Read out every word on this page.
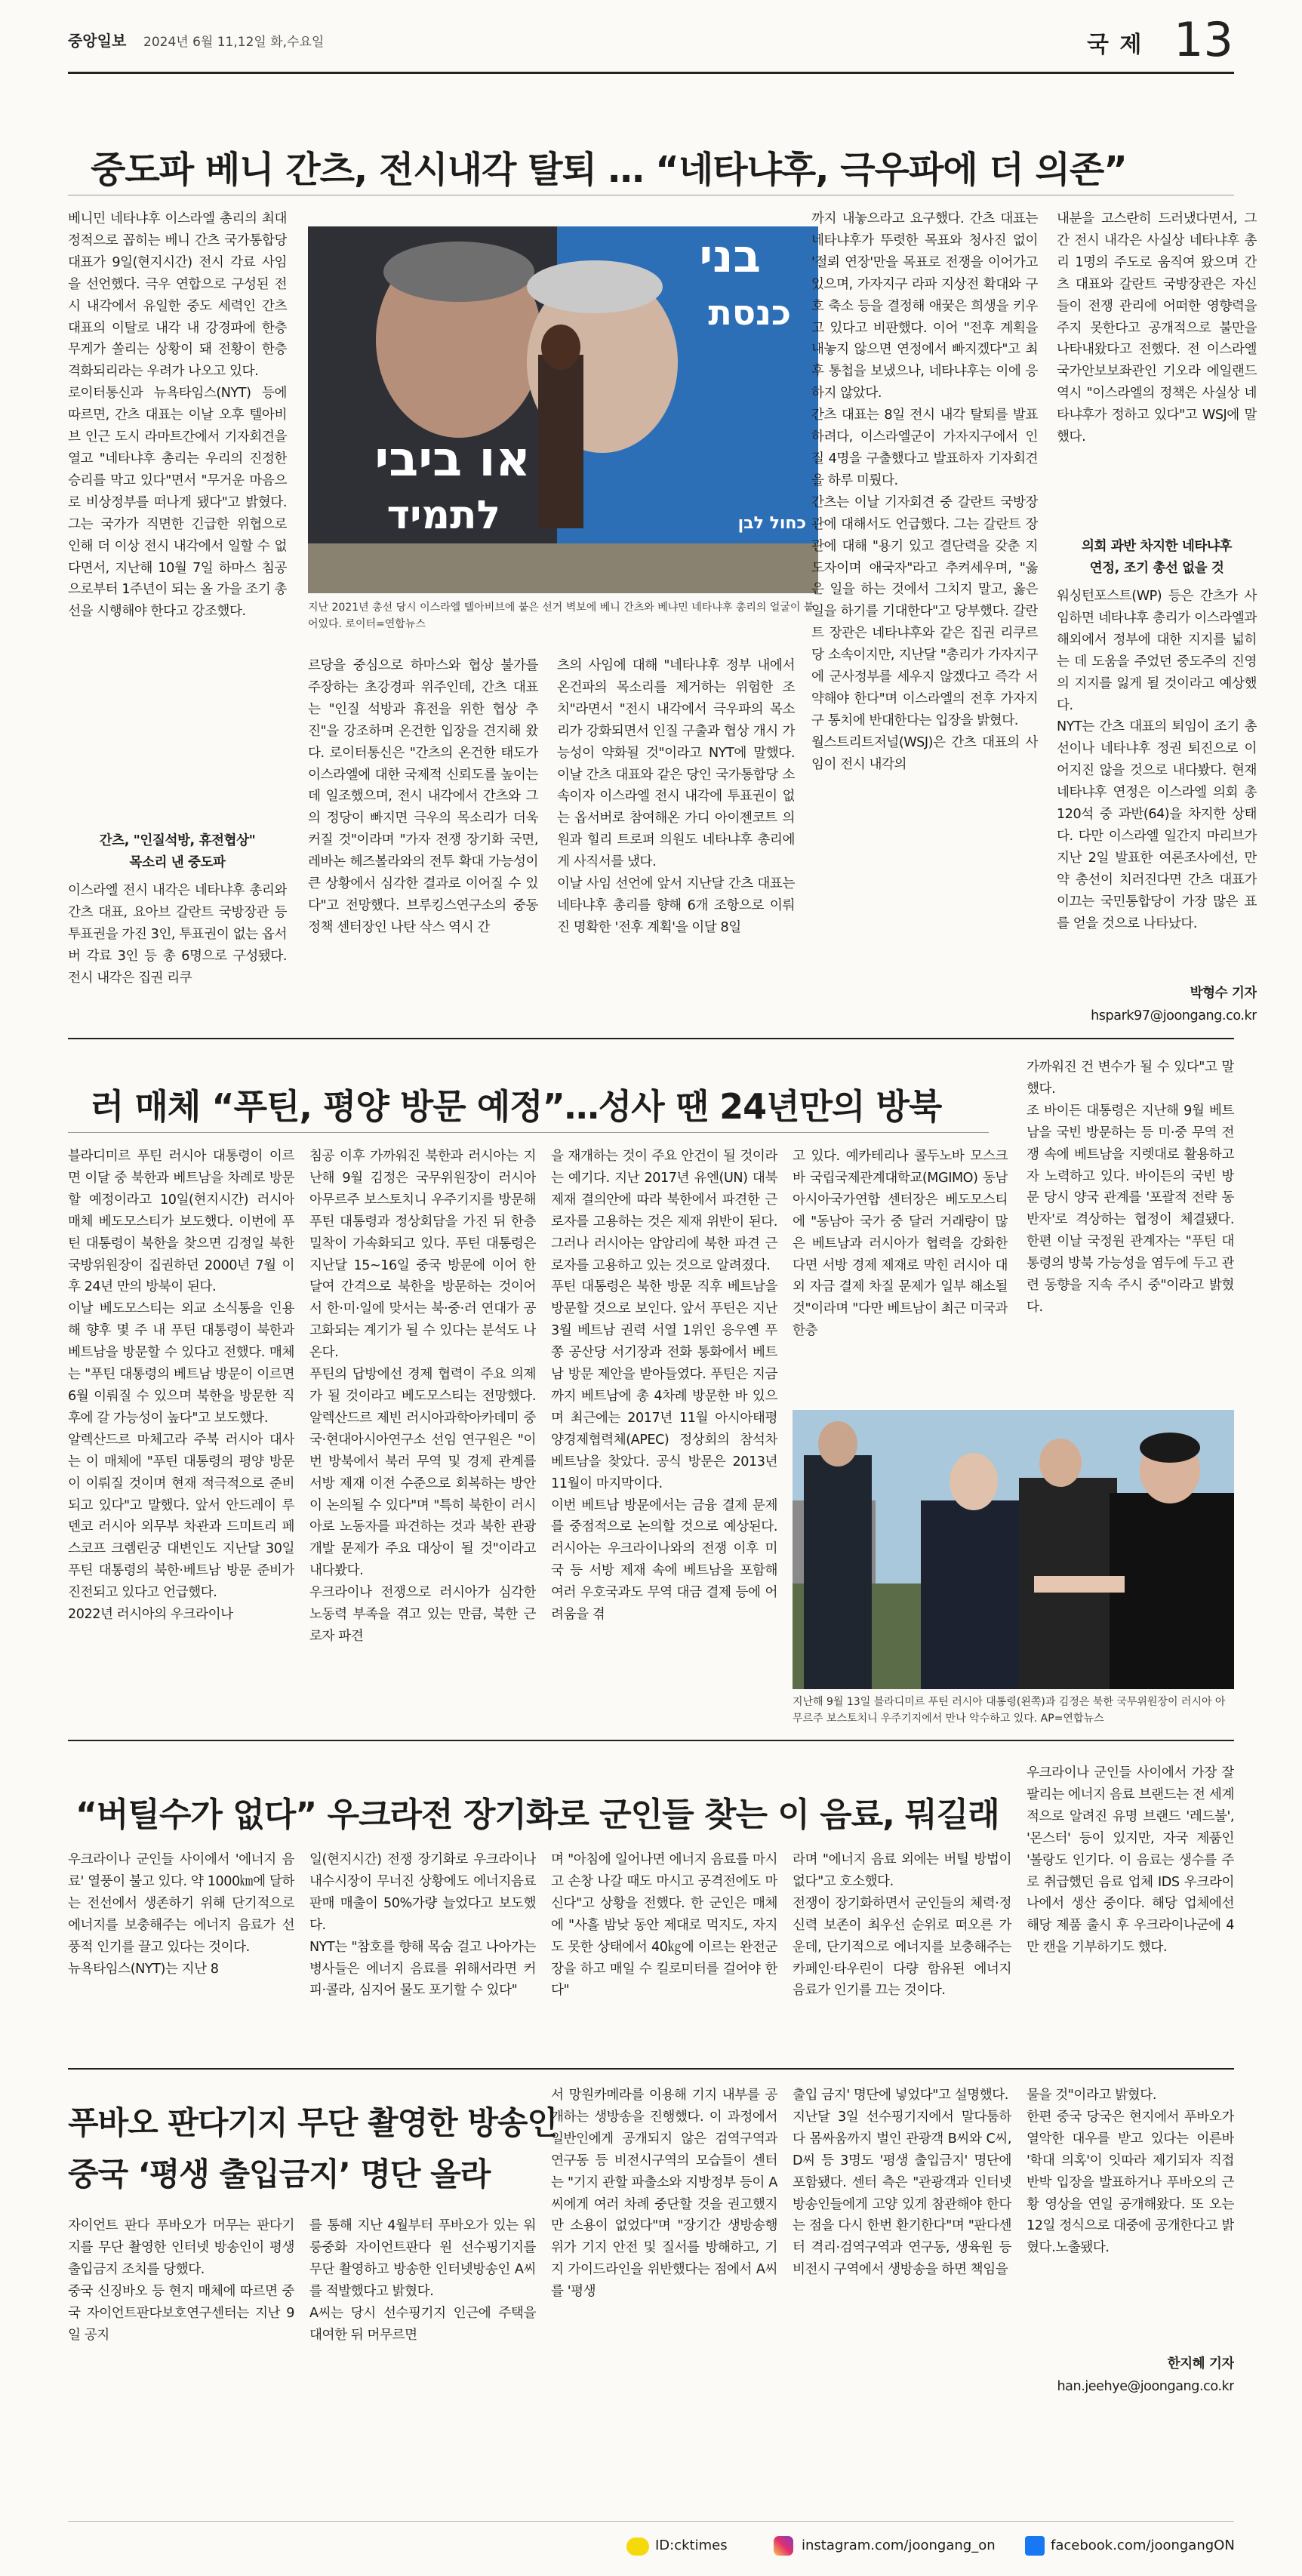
중앙일보 2024년 6월 11,12일 화,수요일	국 제 13
중도파 베니 간츠, 전시내각 탈퇴 … “네타냐후, 극우파에 더 의존”
베니민 네타냐후 이스라엘 총리의 최대 정적으로 꼽히는 베니 간츠 국가통합당 대표가 9일(현지시간) 전시 각료 사임을 선언했다. 극우 연합으로 구성된 전시 내각에서 유일한 중도 세력인 간츠 대표의 이탈로 내각 내 강경파에 한층 무게가 쏠리는 상황이 돼 전황이 한층 격화되리라는 우려가 나오고 있다.
로이터통신과 뉴욕타임스(NYT) 등에 따르면, 간츠 대표는 이날 오후 텔아비브 인근 도시 라마트간에서 기자회견을 열고 "네타냐후 총리는 우리의 진정한 승리를 막고 있다"면서 "무거운 마음으로 비상정부를 떠나게 됐다"고 밝혔다. 그는 국가가 직면한 긴급한 위협으로 인해 더 이상 전시 내각에서 일할 수 없다면서, 지난해 10월 7일 하마스 침공으로부터 1주년이 되는 올 가을 조기 총선을 시행해야 한다고 강조했다.
간츠, "인질석방, 휴전협상"
목소리 낸 중도파
이스라엘 전시 내각은 네타냐후 총리와 간츠 대표, 요아브 갈란트 국방장관 등 투표권을 가진 3인, 투표권이 없는 옵서버 각료 3인 등 총 6명으로 구성됐다. 전시 내각은 집권 리쿠
בני
כנסת
או ביבי
לתמיד	כחול לבן
지난 2021년 총선 당시 이스라엘 텔아비브에 붙은 선거 벽보에 베니 간츠와 베냐민 네타냐후 총리의 얼굴이 붙어있다. 로이터=연합뉴스
르당을 중심으로 하마스와 협상 불가를 주장하는 초강경파 위주인데, 간츠 대표는 "인질 석방과 휴전을 위한 협상 추진"을 강조하며 온건한 입장을 견지해 왔다. 로이터통신은 "간츠의 온건한 태도가 이스라엘에 대한 국제적 신뢰도를 높이는 데 일조했으며, 전시 내각에서 간츠와 그의 정당이 빠지면 극우의 목소리가 더욱 커질 것"이라며 "가자 전쟁 장기화 국면, 레바논 헤즈볼라와의 전투 확대 가능성이 큰 상황에서 심각한 결과로 이어질 수 있다"고 전망했다. 브루킹스연구소의 중동 정책 센터장인 나탄 삭스 역시 간
츠의 사임에 대해 "네타냐후 정부 내에서 온건파의 목소리를 제거하는 위험한 조치"라면서 "전시 내각에서 극우파의 목소리가 강화되면서 인질 구출과 협상 개시 가능성이 약화될 것"이라고 NYT에 말했다. 이날 간츠 대표와 같은 당인 국가통합당 소속이자 이스라엘 전시 내각에 투표권이 없는 옵서버로 참여해온 가디 아이젠코트 의원과 힐리 트로퍼 의원도 네타냐후 총리에게 사직서를 냈다.
이날 사임 선언에 앞서 지난달 간츠 대표는 네타냐후 총리를 향해 6개 조항으로 이뤄진 명확한 '전후 계획'을 이달 8일
까지 내놓으라고 요구했다. 간츠 대표는 네타냐후가 뚜렷한 목표와 청사진 없이 '절뢰 연장'만을 목표로 전쟁을 이어가고 있으며, 가자지구 라파 지상전 확대와 구호 축소 등을 결정해 애꿎은 희생을 키우고 있다고 비판했다. 이어 "전후 계획을 내놓지 않으면 연정에서 빠지겠다"고 최후 통첩을 보냈으나, 네타냐후는 이에 응하지 않았다.
간츠 대표는 8일 전시 내각 탈퇴를 발표하려다, 이스라엘군이 가자지구에서 인질 4명을 구출했다고 발표하자 기자회견을 하루 미뤘다.
간츠는 이날 기자회견 중 갈란트 국방장관에 대해서도 언급했다. 그는 갈란트 장관에 대해 "용기 있고 결단력을 갖춘 지도자이며 애국자"라고 추켜세우며, "옳은 일을 하는 것에서 그치지 말고, 옳은 일을 하기를 기대한다"고 당부했다. 갈란트 장관은 네타냐후와 같은 집권 리쿠르당 소속이지만, 지난달 "총리가 가자지구에 군사정부를 세우지 않겠다고 즉각 서약해야 한다"며 이스라엘의 전후 가자지구 통치에 반대한다는 입장을 밝혔다.
월스트리트저널(WSJ)은 간츠 대표의 사임이 전시 내각의
내분을 고스란히 드러냈다면서, 그간 전시 내각은 사실상 네타냐후 총리 1명의 주도로 움직여 왔으며 간츠 대표와 갈란트 국방장관은 자신들이 전쟁 관리에 어떠한 영향력을 주지 못한다고 공개적으로 불만을 나타내왔다고 전했다. 전 이스라엘 국가안보보좌관인 기오라 에일랜드 역시 "이스라엘의 정책은 사실상 네타냐후가 정하고 있다"고 WSJ에 말했다.
의회 과반 차지한 네타냐후
연정, 조기 총선 없을 것
워싱턴포스트(WP) 등은 간츠가 사임하면 네타냐후 총리가 이스라엘과 해외에서 정부에 대한 지지를 넓히는 데 도움을 주었던 중도주의 진영의 지지를 잃게 될 것이라고 예상했다.
NYT는 간츠 대표의 퇴임이 조기 총선이나 네타냐후 정권 퇴진으로 이어지진 않을 것으로 내다봤다. 현재 네타냐후 연정은 이스라엘 의회 총 120석 중 과반(64)을 차지한 상태다. 다만 이스라엘 일간지 마리브가 지난 2일 발표한 여론조사에선, 만약 총선이 치러진다면 간츠 대표가 이끄는 국민통합당이 가장 많은 표를 얻을 것으로 나타났다.
박형수 기자
hspark97@joongang.co.kr
러 매체 “푸틴, 평양 방문 예정”…성사 땐 24년만의 방북
블라디미르 푸틴 러시아 대통령이 이르면 이달 중 북한과 베트남을 차례로 방문할 예정이라고 10일(현지시간) 러시아 매체 베도모스티가 보도했다. 이번에 푸틴 대통령이 북한을 찾으면 김정일 북한 국방위원장이 집권하던 2000년 7월 이후 24년 만의 방북이 된다.
이날 베도모스티는 외교 소식통을 인용해 향후 몇 주 내 푸틴 대통령이 북한과 베트남을 방문할 수 있다고 전했다. 매체는 "푸틴 대통령의 베트남 방문이 이르면 6월 이뤄질 수 있으며 북한을 방문한 직후에 갈 가능성이 높다"고 보도했다.
알렉산드르 마체고라 주북 러시아 대사는 이 매체에 "푸틴 대통령의 평양 방문이 이뤄질 것이며 현재 적극적으로 준비되고 있다"고 말했다. 앞서 안드레이 루덴코 러시아 외무부 차관과 드미트리 페스코프 크렘린궁 대변인도 지난달 30일 푸틴 대통령의 북한·베트남 방문 준비가 진전되고 있다고 언급했다.
2022년 러시아의 우크라이나
침공 이후 가까워진 북한과 러시아는 지난해 9월 김정은 국무위원장이 러시아 아무르주 보스토치니 우주기지를 방문해 푸틴 대통령과 정상회담을 가진 뒤 한층 밀착이 가속화되고 있다. 푸틴 대통령은 지난달 15~16일 중국 방문에 이어 한 달여 간격으로 북한을 방문하는 것이어서 한·미·일에 맞서는 북·중·러 연대가 공고화되는 계기가 될 수 있다는 분석도 나온다.
푸틴의 답방에선 경제 협력이 주요 의제가 될 것이라고 베도모스티는 전망했다. 알렉산드르 제빈 러시아과학아카데미 중국·현대아시아연구소 선임 연구원은 "이번 방북에서 북러 무역 및 경제 관계를 서방 제재 이전 수준으로 회복하는 방안이 논의될 수 있다"며 "특히 북한이 러시아로 노동자를 파견하는 것과 북한 관광 개발 문제가 주요 대상이 될 것"이라고 내다봤다.
우크라이나 전쟁으로 러시아가 심각한 노동력 부족을 겪고 있는 만큼, 북한 근로자 파견
을 재개하는 것이 주요 안건이 될 것이라는 예기다. 지난 2017년 유엔(UN) 대북 제재 결의안에 따라 북한에서 파견한 근로자를 고용하는 것은 제재 위반이 된다. 그러나 러시아는 암암리에 북한 파견 근로자를 고용하고 있는 것으로 알려졌다.
푸틴 대통령은 북한 방문 직후 베트남을 방문할 것으로 보인다. 앞서 푸틴은 지난 3월 베트남 권력 서열 1위인 응우옌 푸 쫑 공산당 서기장과 전화 통화에서 베트남 방문 제안을 받아들였다. 푸틴은 지금까지 베트남에 총 4차례 방문한 바 있으며 최근에는 2017년 11월 아시아태평양경제협력체(APEC) 정상회의 참석차 베트남을 찾았다. 공식 방문은 2013년 11월이 마지막이다.
이번 베트남 방문에서는 금융 결제 문제를 중점적으로 논의할 것으로 예상된다. 러시아는 우크라이나와의 전쟁 이후 미국 등 서방 제재 속에 베트남을 포함해 여러 우호국과도 무역 대금 결제 등에 어려움을 겪
고 있다. 예카테리나 콜두노바 모스크바 국립국제관계대학교(MGIMO) 동남아시아국가연합 센터장은 베도모스티에 "동남아 국가 중 달러 거래량이 많은 베트남과 러시아가 협력을 강화한다면 서방 경제 제재로 막힌 러시아 대외 자금 결제 차질 문제가 일부 해소될 것"이라며 "다만 베트남이 최근 미국과 한층
가까워진 건 변수가 될 수 있다"고 말했다.
조 바이든 대통령은 지난해 9월 베트남을 국빈 방문하는 등 미·중 무역 전쟁 속에 베트남을 지렛대로 활용하고자 노력하고 있다. 바이든의 국빈 방문 당시 양국 관계를 '포괄적 전략 동반자'로 격상하는 협정이 체결됐다. 한편 이날 국정원 관계자는 "푸틴 대통령의 방북 가능성을 염두에 두고 관련 동향을 지속 주시 중"이라고 밝혔다.
지난해 9월 13일 블라디미르 푸틴 러시아 대통령(왼쪽)과 김정은 북한 국무위원장이 러시아 아무르주 보스토치니 우주기지에서 만나 악수하고 있다. AP=연합뉴스
“버틸수가 없다” 우크라전 장기화로 군인들 찾는 이 음료, 뭐길래
우크라이나 군인들 사이에서 '에너지 음료' 열풍이 불고 있다. 약 1000㎞에 달하는 전선에서 생존하기 위해 단기적으로 에너지를 보충해주는 에너지 음료가 선풍적 인기를 끌고 있다는 것이다.
뉴욕타임스(NYT)는 지난 8
일(현지시간) 전쟁 장기화로 우크라이나 내수시장이 무너진 상황에도 에너지음료 판매 매출이 50%가량 늘었다고 보도했다.
NYT는 "참호를 향해 목숨 걸고 나아가는 병사들은 에너지 음료를 위해서라면 커피·콜라, 심지어 물도 포기할 수 있다"
며 "아침에 일어나면 에너지 음료를 마시고 손창 나갈 때도 마시고 공격전에도 마신다"고 상황을 전했다. 한 군인은 매체에 "사흘 밤낮 동안 제대로 먹지도, 자지도 못한 상태에서 40㎏에 이르는 완전군장을 하고 매일 수 킬로미터를 걸어야 한다"
라며 "에너지 음료 외에는 버틸 방법이 없다"고 호소했다.
전쟁이 장기화하면서 군인들의 체력·정신력 보존이 최우선 순위로 떠오른 가운데, 단기적으로 에너지를 보충해주는 카페인·타우린이 다량 함유된 에너지 음료가 인기를 끄는 것이다.
우크라이나 군인들 사이에서 가장 잘 팔리는 에너지 음료 브랜드는 전 세계적으로 알려진 유명 브랜드 '레드불', '몬스터' 등이 있지만, 자국 제품인 '볼랑도 인기다. 이 음료는 생수를 주로 취급했던 음료 업체 IDS 우크라이나에서 생산 중이다. 해당 업체에선 해당 제품 출시 후 우크라이나군에 4만 캔을 기부하기도 했다.
푸바오 판다기지 무단 촬영한 방송인
중국 ‘평생 출입금지’ 명단 올라
자이언트 판다 푸바오가 머무는 판다기지를 무단 촬영한 인터넷 방송인이 평생 출입금지 조치를 당했다.
중국 신징바오 등 현지 매체에 따르면 중국 자이언트판다보호연구센터는 지난 9일 공지
를 통해 지난 4월부터 푸바오가 있는 워룽중화 자이언트판다 원 선수핑기지를 무단 촬영하고 방송한 인터넷방송인 A씨를 적발했다고 밝혔다.
A씨는 당시 선수핑기지 인근에 주택을 대여한 뒤 머무르면
서 망원카메라를 이용해 기지 내부를 공개하는 생방송을 진행했다. 이 과정에서 일반인에게 공개되지 않은 검역구역과 연구동 등 비전시구역의 모습들이 센터는 "기지 관할 파출소와 지방정부 등이 A씨에게 여러 차례 중단할 것을 권고했지만 소용이 없었다"며 "장기간 생방송행위가 기지 안전 및 질서를 방해하고, 기지 가이드라인을 위반했다는 점에서 A씨를 '평생
출입 금지' 명단에 넣었다"고 설명했다.
지난달 3일 선수핑기지에서 말다툼하다 몸싸움까지 벌인 관광객 B씨와 C씨, D씨 등 3명도 '평생 출입금지' 명단에 포함됐다. 센터 측은 "관광객과 인터넷 방송인들에게 고양 있게 참관해야 한다는 점을 다시 한번 환기한다"며 "판다센터 격리·검역구역과 연구동, 생육원 등 비전시 구역에서 생방송을 하면 책임을
물을 것"이라고 밝혔다.
한편 중국 당국은 현지에서 푸바오가 열악한 대우를 받고 있다는 이른바 '학대 의혹'이 잇따라 제기되자 직접 반박 입장을 발표하거나 푸바오의 근황 영상을 연일 공개해왔다. 또 오는 12일 정식으로 대중에 공개한다고 밝혔다.노출됐다.
한지혜 기자
han.jeehye@joongang.co.kr
ID:cktimes	instagram.com/joongang_on	facebook.com/joongangON
